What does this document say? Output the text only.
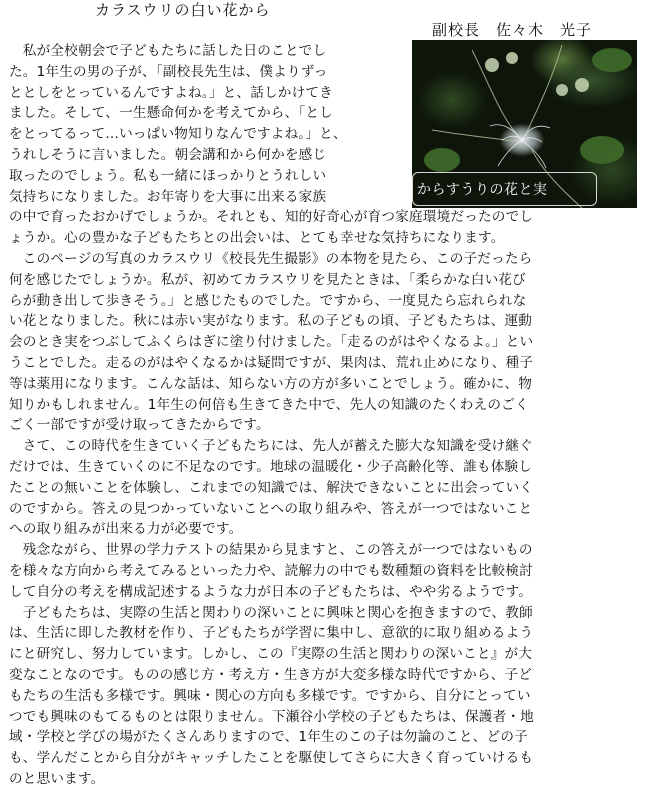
カラスウリの白い花から
副校長　佐々木　光子
からすうりの花と実
　私が全校朝会で子どもたちに話した日のことでし
た。1年生の男の子が、「副校長先生は、僕よりずっ
ととしをとっているんですよね。」と、話しかけてき
ました。そして、一生懸命何かを考えてから、「とし
をとってるって…いっぱい物知りなんですよね。」と、
うれしそうに言いました。朝会講和から何かを感じ
取ったのでしょう。私も一緒にほっかりとうれしい
気持ちになりました。お年寄りを大事に出来る家族
の中で育ったおかげでしょうか。それとも、知的好奇心が育つ家庭環境だったのでし
ょうか。心の豊かな子どもたちとの出会いは、とても幸せな気持ちになります。
　このページの写真のカラスウリ《校長先生撮影》の本物を見たら、この子だったら
何を感じたでしょうか。私が、初めてカラスウリを見たときは、「柔らかな白い花び
らが動き出して歩きそう。」と感じたものでした。ですから、一度見たら忘れられな
い花となりました。秋には赤い実がなります。私の子どもの頃、子どもたちは、運動
会のとき実をつぶしてふくらはぎに塗り付けました。「走るのがはやくなるよ。」とい
うことでした。走るのがはやくなるかは疑問ですが、果肉は、荒れ止めになり、種子
等は薬用になります。こんな話は、知らない方の方が多いことでしょう。確かに、物
知りかもしれません。1年生の何倍も生きてきた中で、先人の知識のたくわえのごく
ごく一部ですが受け取ってきたからです。
　さて、この時代を生きていく子どもたちには、先人が蓄えた膨大な知識を受け継ぐ
だけでは、生きていくのに不足なのです。地球の温暖化・少子高齢化等、誰も体験し
たことの無いことを体験し、これまでの知識では、解決できないことに出会っていく
のですから。答えの見つかっていないことへの取り組みや、答えが一つではないこと
への取り組みが出来る力が必要です。
　残念ながら、世界の学力テストの結果から見ますと、この答えが一つではないもの
を様々な方向から考えてみるといった力や、読解力の中でも数種類の資料を比較検討
して自分の考えを構成記述するような力が日本の子どもたちは、やや劣るようです。
　子どもたちは、実際の生活と関わりの深いことに興味と関心を抱きますので、教師
は、生活に即した教材を作り、子どもたちが学習に集中し、意欲的に取り組めるよう
にと研究し、努力しています。しかし、この『実際の生活と関わりの深いこと』が大
変なことなのです。ものの感じ方・考え方・生き方が大変多様な時代ですから、子ど
もたちの生活も多様です。興味・関心の方向も多様です。ですから、自分にとってい
つでも興味のもてるものとは限りません。下瀬谷小学校の子どもたちは、保護者・地
域・学校と学びの場がたくさんありますので、1年生のこの子は勿論のこと、どの子
も、学んだことから自分がキャッチしたことを駆使してさらに大きく育っていけるも
のと思います。
